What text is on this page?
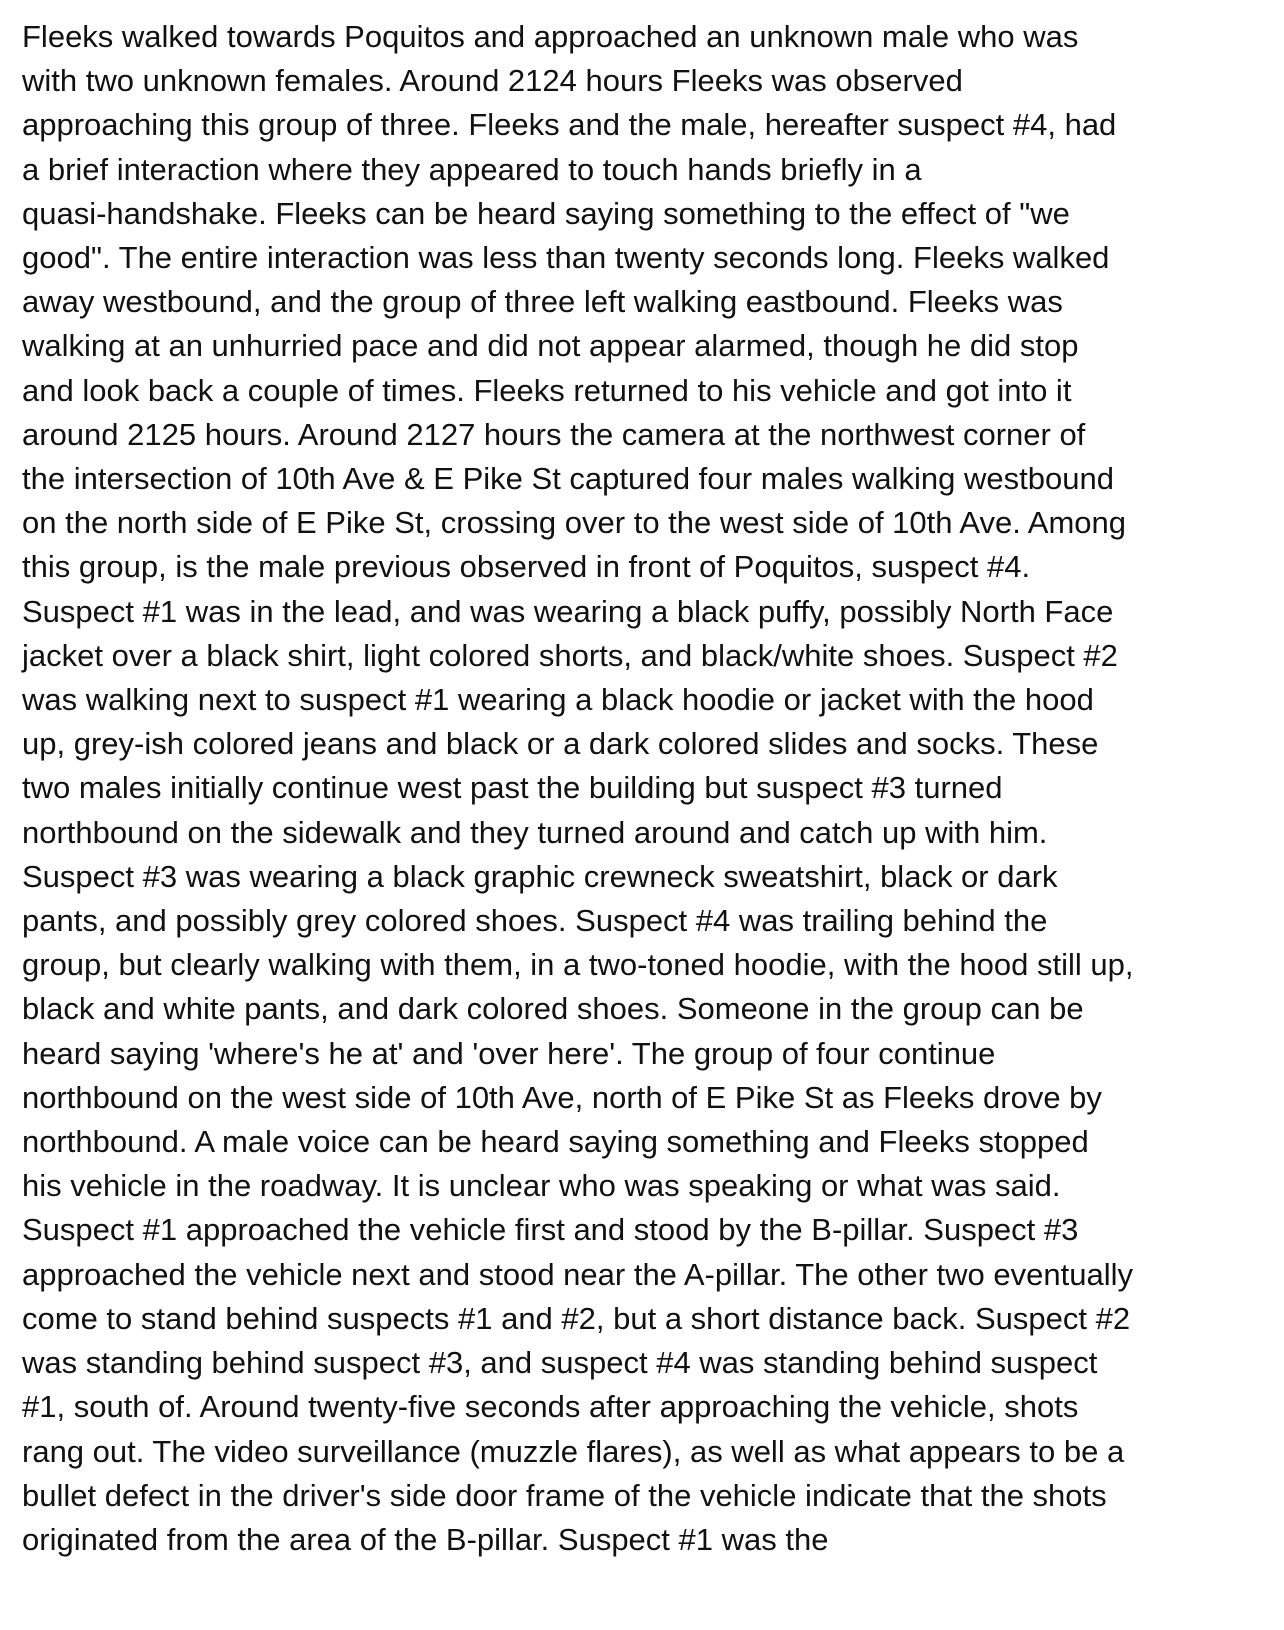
Fleeks walked towards Poquitos and approached an unknown male who was
with two unknown females. Around 2124 hours Fleeks was observed
approaching this group of three. Fleeks and the male, hereafter suspect #4, had
a brief interaction where they appeared to touch hands briefly in a
quasi-handshake. Fleeks can be heard saying something to the effect of "we
good". The entire interaction was less than twenty seconds long. Fleeks walked
away westbound, and the group of three left walking eastbound. Fleeks was
walking at an unhurried pace and did not appear alarmed, though he did stop
and look back a couple of times. Fleeks returned to his vehicle and got into it
around 2125 hours. Around 2127 hours the camera at the northwest corner of
the intersection of 10th Ave & E Pike St captured four males walking westbound
on the north side of E Pike St, crossing over to the west side of 10th Ave. Among
this group, is the male previous observed in front of Poquitos, suspect #4.
Suspect #1 was in the lead, and was wearing a black puffy, possibly North Face
jacket over a black shirt, light colored shorts, and black/white shoes. Suspect #2
was walking next to suspect #1 wearing a black hoodie or jacket with the hood
up, grey-ish colored jeans and black or a dark colored slides and socks. These
two males initially continue west past the building but suspect #3 turned
northbound on the sidewalk and they turned around and catch up with him.
Suspect #3 was wearing a black graphic crewneck sweatshirt, black or dark
pants, and possibly grey colored shoes. Suspect #4 was trailing behind the
group, but clearly walking with them, in a two-toned hoodie, with the hood still up,
black and white pants, and dark colored shoes. Someone in the group can be
heard saying 'where's he at' and 'over here'. The group of four continue
northbound on the west side of 10th Ave, north of E Pike St as Fleeks drove by
northbound. A male voice can be heard saying something and Fleeks stopped
his vehicle in the roadway. It is unclear who was speaking or what was said.
Suspect #1 approached the vehicle first and stood by the B-pillar. Suspect #3
approached the vehicle next and stood near the A-pillar. The other two eventually
come to stand behind suspects #1 and #2, but a short distance back. Suspect #2
was standing behind suspect #3, and suspect #4 was standing behind suspect
#1, south of. Around twenty-five seconds after approaching the vehicle, shots
rang out. The video surveillance (muzzle flares), as well as what appears to be a
bullet defect in the driver's side door frame of the vehicle indicate that the shots
originated from the area of the B-pillar. Suspect #1 was the
